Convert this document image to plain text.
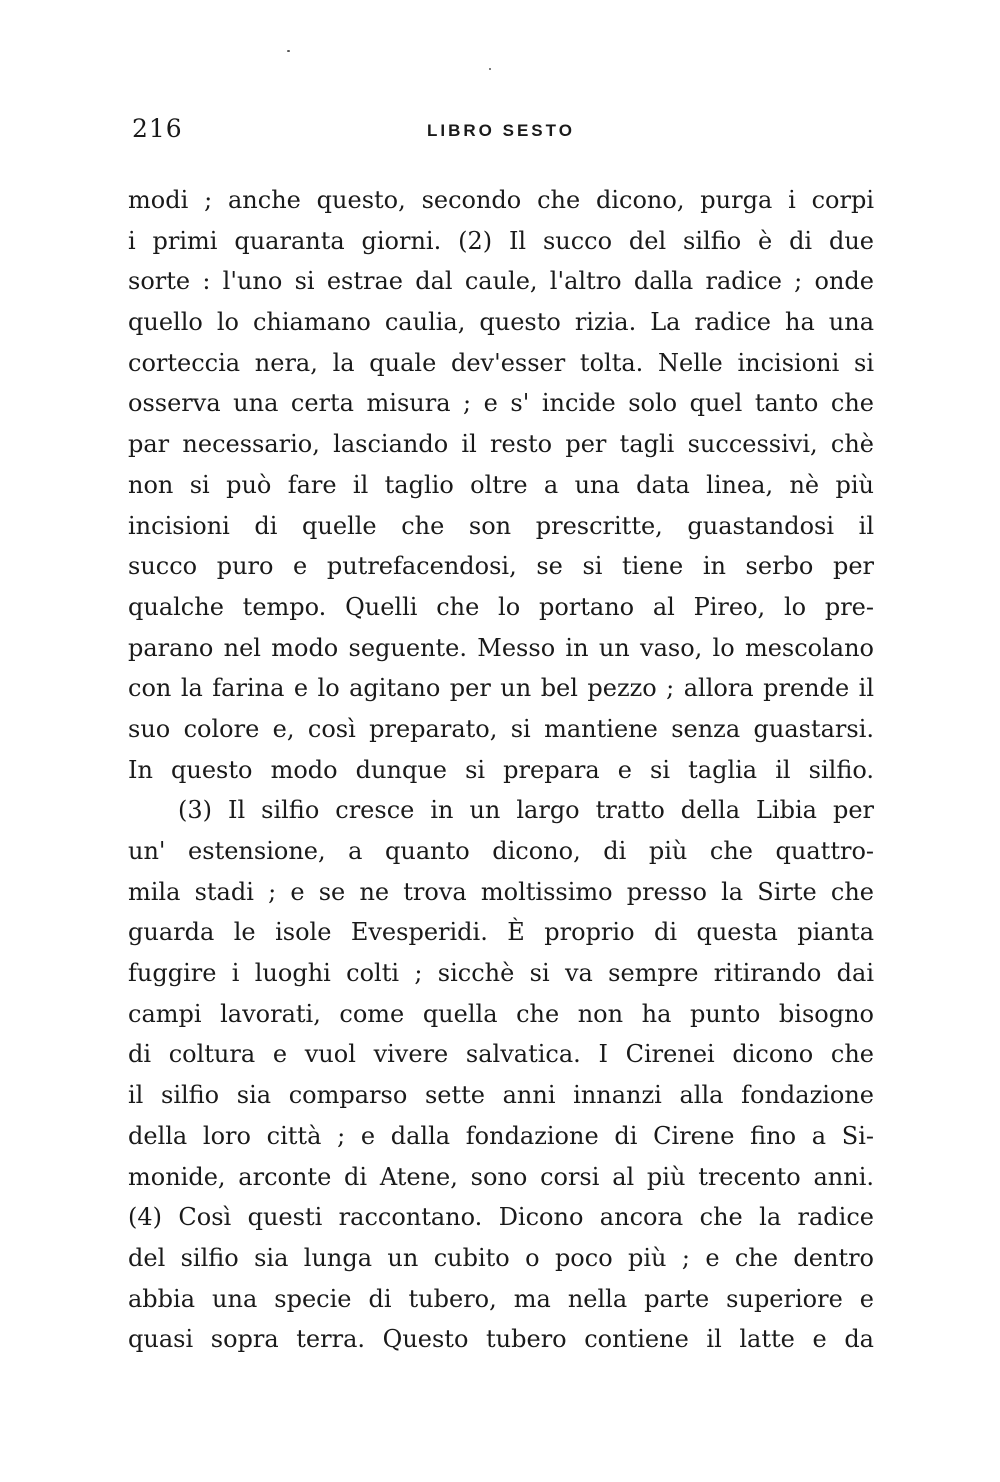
216	LIBRO SESTO
modi ; anche questo, secondo che dicono, purga i corpi
i primi quaranta giorni. (2) Il succo del silfio è di due
sorte : l'uno si estrae dal caule, l'altro dalla radice ; onde
quello lo chiamano caulia, questo rizia. La radice ha una
corteccia nera, la quale dev'esser tolta. Nelle incisioni si
osserva una certa misura ; e s' incide solo quel tanto che
par necessario, lasciando il resto per tagli successivi, chè
non si può fare il taglio oltre a una data linea, nè più
incisioni di quelle che son prescritte, guastandosi il
succo puro e putrefacendosi, se si tiene in serbo per
qualche tempo. Quelli che lo portano al Pireo, lo pre-
parano nel modo seguente. Messo in un vaso, lo mescolano
con la farina e lo agitano per un bel pezzo ; allora prende il
suo colore e, così preparato, si mantiene senza guastarsi.
In questo modo dunque si prepara e si taglia il silfio.
(3) Il silfio cresce in un largo tratto della Libia per
un' estensione, a quanto dicono, di più che quattro-
mila stadi ; e se ne trova moltissimo presso la Sirte che
guarda le isole Evesperidi. È proprio di questa pianta
fuggire i luoghi colti ; sicchè si va sempre ritirando dai
campi lavorati, come quella che non ha punto bisogno
di coltura e vuol vivere salvatica. I Cirenei dicono che
il silfio sia comparso sette anni innanzi alla fondazione
della loro città ; e dalla fondazione di Cirene fino a Si-
monide, arconte di Atene, sono corsi al più trecento anni.
(4) Così questi raccontano. Dicono ancora che la radice
del silfio sia lunga un cubito o poco più ; e che dentro
abbia una specie di tubero, ma nella parte superiore e
quasi sopra terra. Questo tubero contiene il latte e da
